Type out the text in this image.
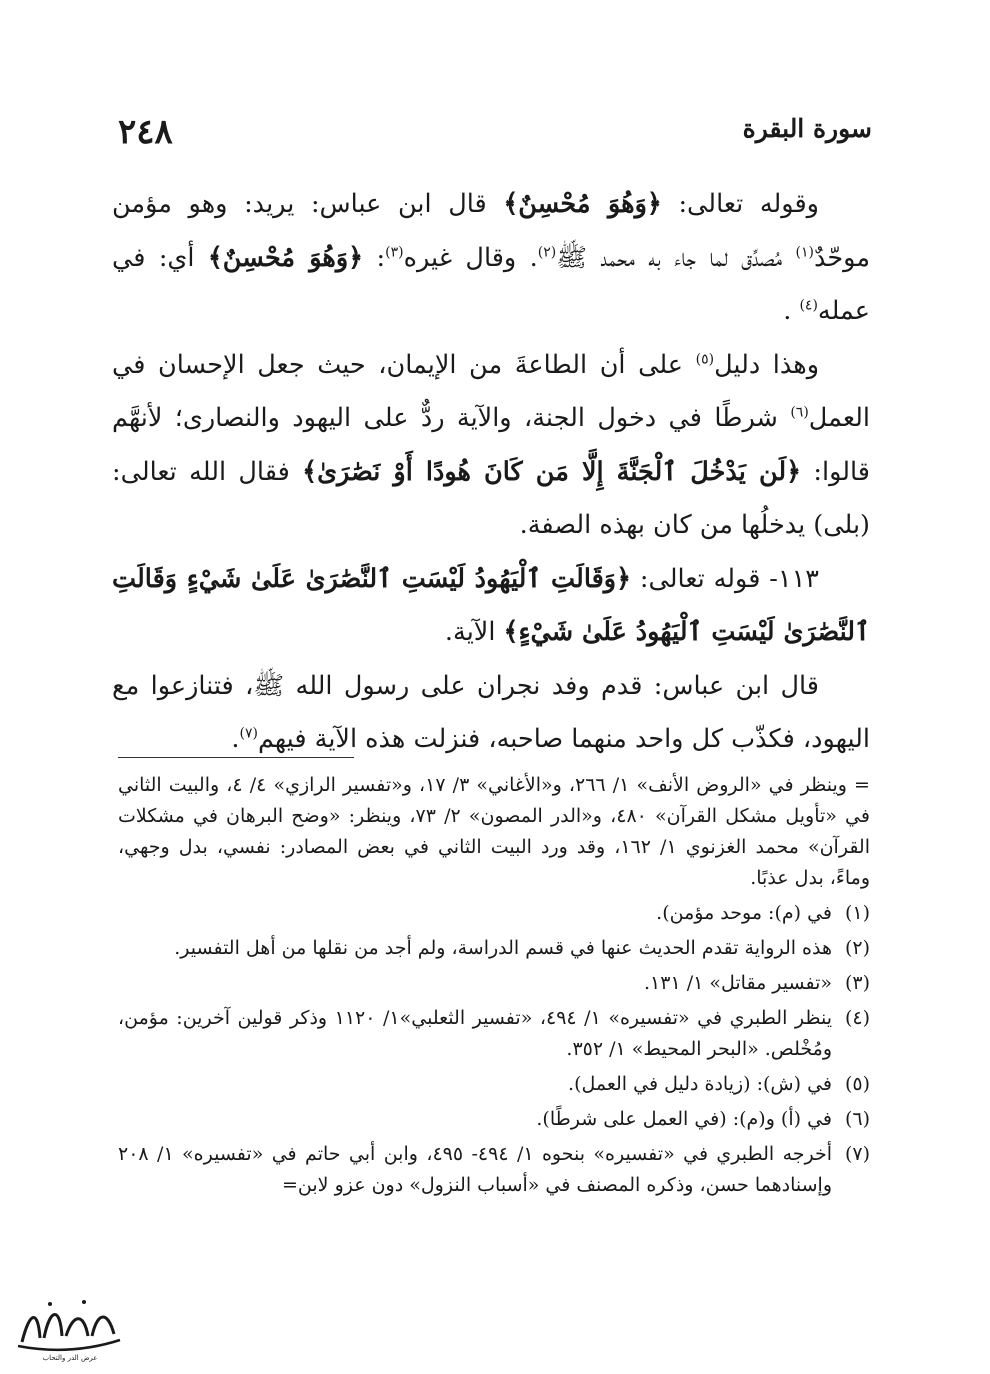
٢٤٨	سورة البقرة

  وقوله تعالى: ﴿وَهُوَ مُحْسِنٌ﴾ قال ابن عباس: يريد: وهو مؤمن موحّدٌ$^{(١)}$ مُصدِّق لما جاء به محمد ﷺ$^{(٢)}$. وقال غيره$^{(٣)}$: ﴿وَهُوَ مُحْسِنٌ﴾ أي: في عمله$^{(٤)}$ .

  وهذا دليل$^{(٥)}$ على أن الطاعةَ من الإيمان، حيث جعل الإحسان في العمل$^{(٦)}$ شرطًا في دخول الجنة، والآية ردٌّ على اليهود والنصارى؛ لأنهَّم قالوا: ﴿لَن يَدْخُلَ ٱلْجَنَّةَ إِلَّا مَن كَانَ هُودًا أَوْ نَصَٰرَىٰ﴾ فقال الله تعالى: (بلى) يدخلُها من كان بهذه الصفة.

  ١١٣- قوله تعالى: ﴿وَقَالَتِ ٱلْيَهُودُ لَيْسَتِ ٱلنَّصَٰرَىٰ عَلَىٰ شَيْءٍ وَقَالَتِ ٱلنَّصَٰرَىٰ لَيْسَتِ ٱلْيَهُودُ عَلَىٰ شَيْءٍ﴾ الآية.

  قال ابن عباس: قدم وفد نجران على رسول الله ﷺ، فتنازعوا مع اليهود، فكذّب كل واحد منهما صاحبه، فنزلت هذه الآية فيهم$^{(٧)}$.

= وينظر في «الروض الأنف» ١/ ٢٦٦، و«الأغاني» ٣/ ١٧، و«تفسير الرازي» ٤/ ٤، والبيت الثاني في «تأويل مشكل القرآن» ٤٨٠، و«الدر المصون» ٢/ ٧٣، وينظر: «وضح البرهان في مشكلات القرآن» محمد الغزنوي ١/ ١٦٢، وقد ورد البيت الثاني في بعض المصادر: نفسي، بدل وجهي، وماءً، بدل عذبًا.
(١)
في (م): موحد مؤمن).
(٢)
هذه الرواية تقدم الحديث عنها في قسم الدراسة، ولم أجد من نقلها من أهل التفسير.
(٣)
«تفسير مقاتل» ١/ ١٣١.
(٤)
ينظر الطبري في «تفسيره» ١/ ٤٩٤، «تفسير الثعلبي»١/ ١١٢٠ وذكر قولين آخرين: مؤمن، ومُخْلص. «البحر المحيط» ١/ ٣٥٢.
(٥)
في (ش): (زيادة دليل في العمل).
(٦)
في (أ) و(م): (في العمل على شرطًا).
(٧)
أخرجه الطبري في «تفسيره» بنحوه ١/ ٤٩٤- ٤٩٥، وابن أبي حاتم في «تفسيره» ١/ ٢٠٨ وإسنادهما حسن، وذكره المصنف في «أسباب النزول» دون عزو لابن=
عرض الدر والتحاب
